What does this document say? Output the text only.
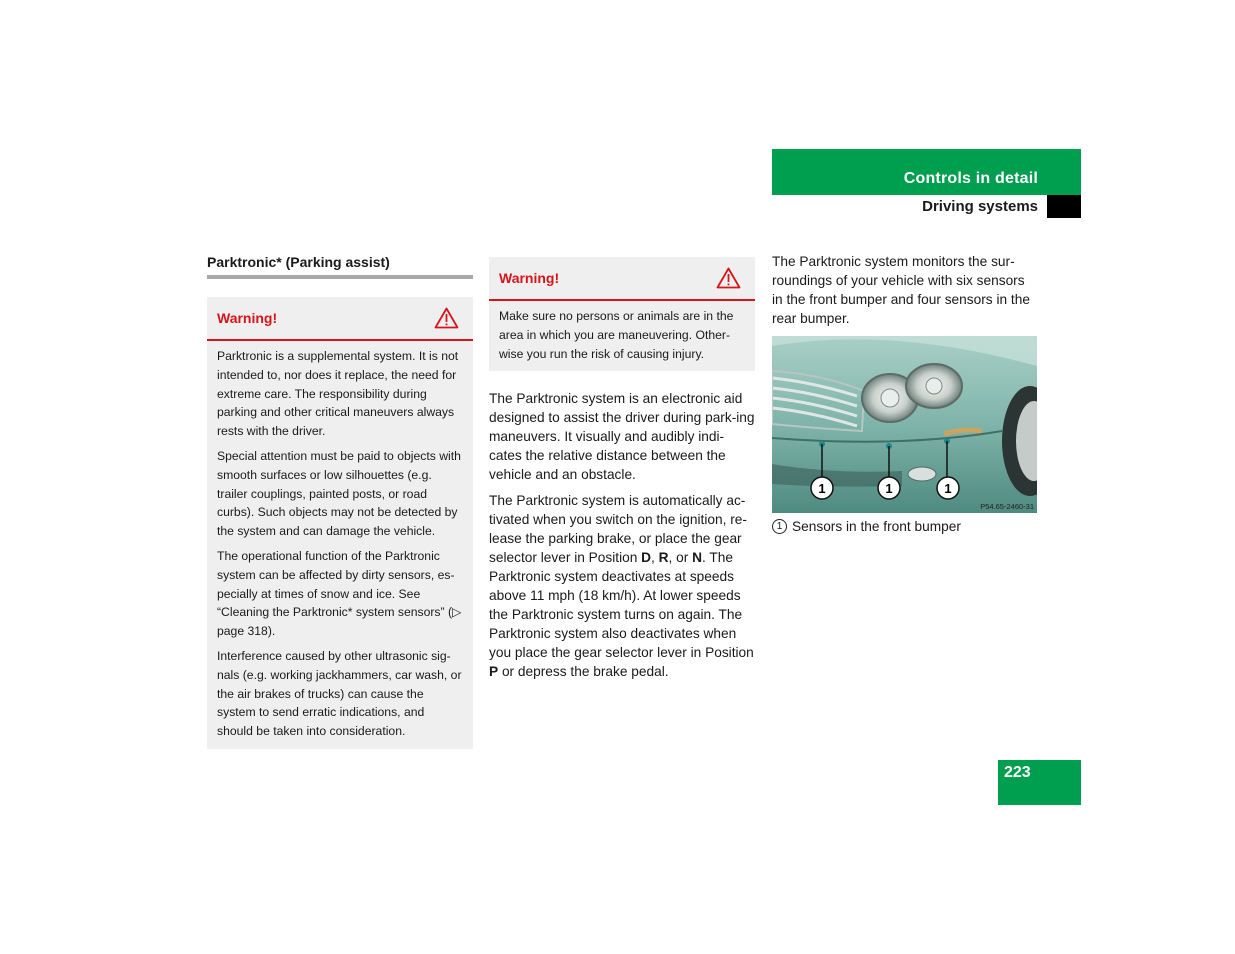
Controls in detail
Driving systems
Parktronic* (Parking assist)
Warning!

Parktronic is a supplemental system. It is not intended to, nor does it replace, the need for extreme care. The responsibility during parking and other critical maneuvers always rests with the driver.

Special attention must be paid to objects with smooth surfaces or low silhouettes (e.g. trailer couplings, painted posts, or road curbs). Such objects may not be detected by the system and can damage the vehicle.

The operational function of the Parktronic system can be affected by dirty sensors, es-pecially at times of snow and ice. See “Cleaning the Parktronic* system sensors” (▷ page 318).

Interference caused by other ultrasonic sig-nals (e.g. working jackhammers, car wash, or the air brakes of trucks) can cause the system to send erratic indications, and should be taken into consideration.

Warning!

Make sure no persons or animals are in the area in which you are maneuvering. Other-wise you run the risk of causing injury.

The Parktronic system is an electronic aid designed to assist the driver during park-ing maneuvers. It visually and audibly indi-cates the relative distance between the vehicle and an obstacle.

The Parktronic system is automatically ac-tivated when you switch on the ignition, re-lease the parking brake, or place the gear selector lever in Position D, R, or N. The Parktronic system deactivates at speeds above 11 mph (18 km/h). At lower speeds the Parktronic system turns on again. The Parktronic system also deactivates when you place the gear selector lever in Position P or depress the brake pedal.

The Parktronic system monitors the sur-roundings of your vehicle with six sensors in the front bumper and four sensors in the rear bumper.

1	1	1
P54.65-2460-31
1 Sensors in the front bumper
223
